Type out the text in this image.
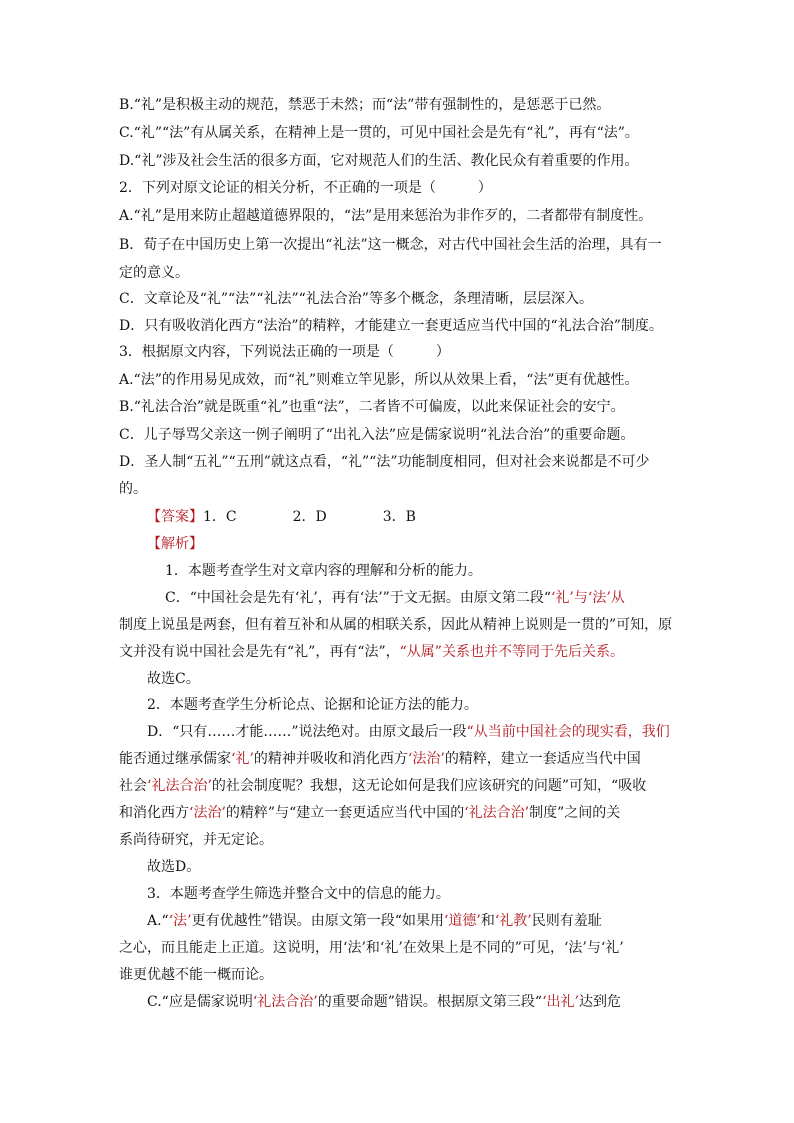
B.“礼”是积极主动的规范，禁恶于未然；而“法”带有强制性的，是惩恶于已然。
C.“礼”“法”有从属关系，在精神上是一贯的，可见中国社会是先有“礼”，再有“法”。
D.“礼”涉及社会生活的很多方面，它对规范人们的生活、教化民众有着重要的作用。
2．下列对原文论证的相关分析，不正确的一项是（　　　）
A.“礼”是用来防止超越道德界限的，“法”是用来惩治为非作歹的，二者都带有制度性。
B．荀子在中国历史上第一次提出“礼法”这一概念，对古代中国社会生活的治理，具有一
定的意义。
C．文章论及“礼”“法”“礼法”“礼法合治”等多个概念，条理清晰，层层深入。
D．只有吸收消化西方“法治”的精粹，才能建立一套更适应当代中国的“礼法合治”制度。
3．根据原文内容，下列说法正确的一项是（　　　）
A.“法”的作用易见成效，而“礼”则难立竿见影，所以从效果上看，“法”更有优越性。
B.“礼法合治”就是既重“礼”也重“法”，二者皆不可偏废，以此来保证社会的安宁。
C．儿子辱骂父亲这一例子阐明了“出礼入法”应是儒家说明“礼法合治”的重要命题。
D．圣人制“五礼”“五刑”就这点看，“礼”“法”功能制度相同，但对社会来说都是不可少
的。
【答案】1．C　　　　2．D　　　　3．B
【解析】
1．本题考查学生对文章内容的理解和分析的能力。
C．“中国社会是先有‘礼’，再有‘法’”于文无据。由原文第二段“‘礼’与‘法’从
制度上说虽是两套，但有着互补和从属的相联关系，因此从精神上说则是一贯的”可知，原
文并没有说中国社会是先有“礼”，再有“法”，“从属”关系也并不等同于先后关系。
故选C。
2．本题考查学生分析论点、论据和论证方法的能力。
D．“只有……才能……”说法绝对。由原文最后一段“从当前中国社会的现实看，我们
能否通过继承儒家‘礼’的精神并吸收和消化西方‘法治’的精粹，建立一套适应当代中国
社会‘礼法合治’的社会制度呢？我想，这无论如何是我们应该研究的问题”可知，“吸收
和消化西方‘法治’的精粹”与“建立一套更适应当代中国的‘礼法合治’制度”之间的关
系尚待研究，并无定论。
故选D。
3．本题考查学生筛选并整合文中的信息的能力。
A.“‘法’更有优越性”错误。由原文第一段“如果用‘道德’和‘礼教’民则有羞耻
之心，而且能走上正道。这说明，用‘法’和‘礼’在效果上是不同的”可见，‘法’与‘礼’
谁更优越不能一概而论。
C.“应是儒家说明‘礼法合治’的重要命题”错误。根据原文第三段“‘出礼’达到危
